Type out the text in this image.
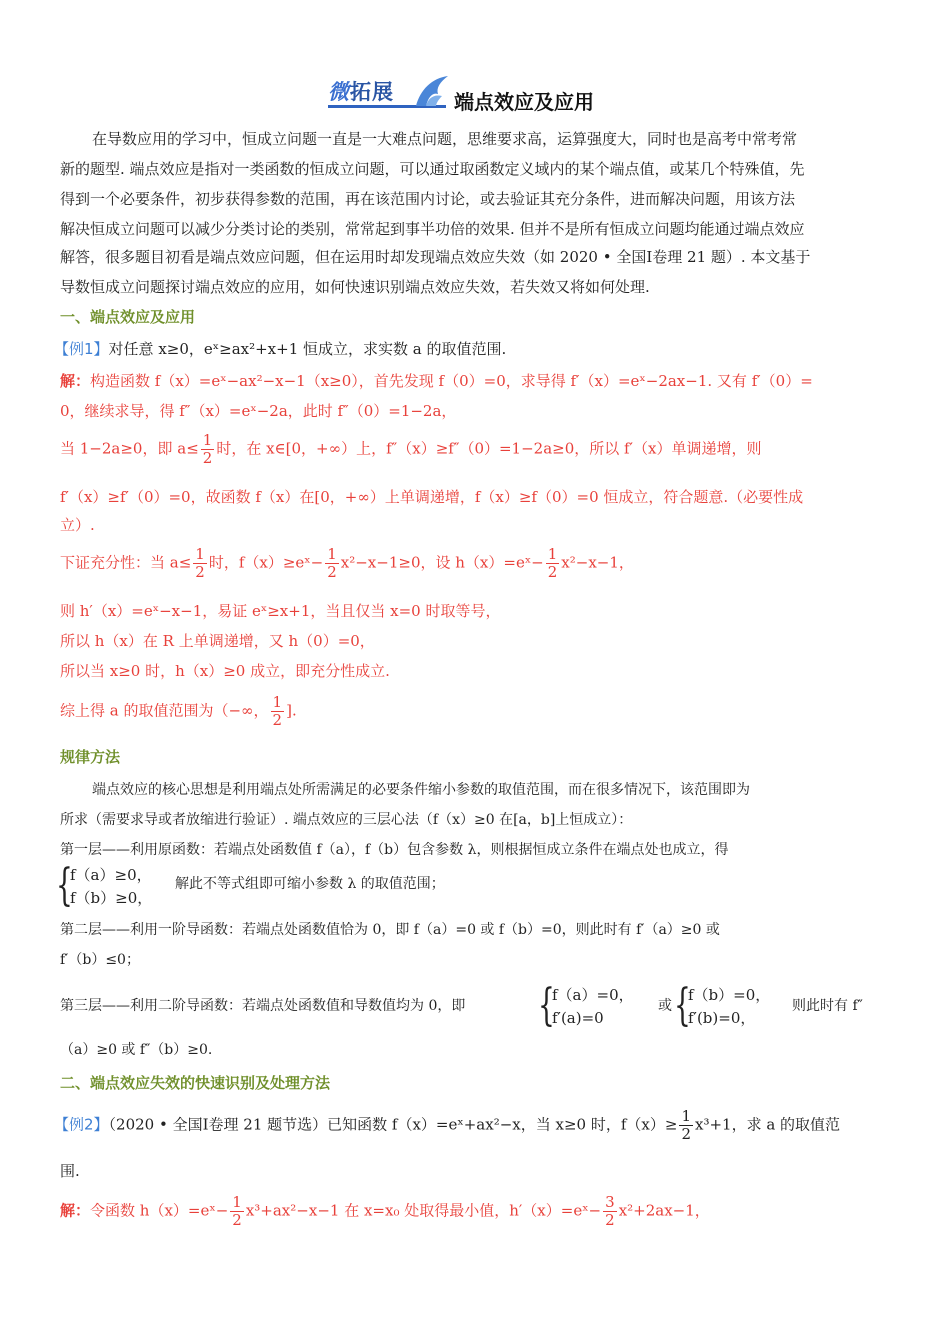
微拓展	端点效应及应用
在导数应用的学习中，恒成立问题一直是一大难点问题，思维要求高，运算强度大，同时也是高考中常考常
新的题型. 端点效应是指对一类函数的恒成立问题，可以通过取函数定义域内的某个端点值，或某几个特殊值，先
得到一个必要条件，初步获得参数的范围，再在该范围内讨论，或去验证其充分条件，进而解决问题，用该方法
解决恒成立问题可以减少分类讨论的类别，常常起到事半功倍的效果. 但并不是所有恒成立问题均能通过端点效应
解答，很多题目初看是端点效应问题，但在运用时却发现端点效应失效（如 2020 • 全国Ⅰ卷理 21 题）. 本文基于
导数恒成立问题探讨端点效应的应用，如何快速识别端点效应失效，若失效又将如何处理.
一、端点效应及应用
【例1】对任意 x≥0，eˣ≥ax²+x+1 恒成立，求实数 a 的取值范围.
解：构造函数 f（x）=eˣ−ax²−x−1（x≥0），首先发现 f（0）=0，求导得 f′（x）=eˣ−2ax−1. 又有 f′（0）=
0，继续求导，得 f″（x）=eˣ−2a，此时 f″（0）=1−2a，
当 1−2a≥0，即 $a\le \frac{1}{2}$ 时，在 x∈[0，+∞）上，f″（x）≥f″（0）=1−2a≥0，所以 f′（x）单调递增，则
f′（x）≥f′（0）=0，故函数 f（x）在[0，+∞）上单调递增，f（x）≥f（0）=0 恒成立，符合题意.（必要性成
立）.
下证充分性：当 $a\le \frac{1}{2}$ 时，f（x）≥eˣ− $\frac{1}{2} x^2-x-1\ge 0$，设 h（x）=eˣ− $\frac{1}{2} x^2-x-1$，
则 h′（x）=eˣ−x−1，易证 eˣ≥x+1，当且仅当 x=0 时取等号，
所以 h（x）在 R 上单调递增，又 h（0）=0，
所以当 x≥0 时，h（x）≥0 成立，即充分性成立.
综上得 a 的取值范围为（−∞， $\frac{1}{2}$ ].
规律方法
端点效应的核心思想是利用端点处所需满足的必要条件缩小参数的取值范围，而在很多情况下，该范围即为
所求（需要求导或者放缩进行验证）. 端点效应的三层心法（f（x）≥0 在[a，b]上恒成立）：
第一层——利用原函数：若端点处函数值 f（a），f（b）包含参数 λ，则根据恒成立条件在端点处也成立，得
{
f（a）≥0，
f（b）≥0，
解此不等式组即可缩小参数 λ 的取值范围；
第二层——利用一阶导函数：若端点处函数值恰为 0，即 f（a）=0 或 f（b）=0，则此时有 f′（a）≥0 或
f′（b）≤0；
第三层——利用二阶导函数：若端点处函数值和导数值均为 0，即 {
f（a）=0，
f′(a)=0
或 {
f（b）=0，
f′(b)=0，
则此时有 f″
（a）≥0 或 f″（b）≥0.
二、端点效应失效的快速识别及处理方法
【例2】（2020 • 全国Ⅰ卷理 21 题节选）已知函数 f（x）=eˣ+ax²−x，当 x≥0 时，$f(x)\ge \frac{1}{2} x^3+1$，求 a 的取值范
围.
解：令函数 h（x）=eˣ− $\frac{1}{2} x^3+ax^2-x-1$ 在 x=x₀ 处取得最小值，h′（x）=eˣ− $\frac{3}{2} x^2+2ax-1$，
